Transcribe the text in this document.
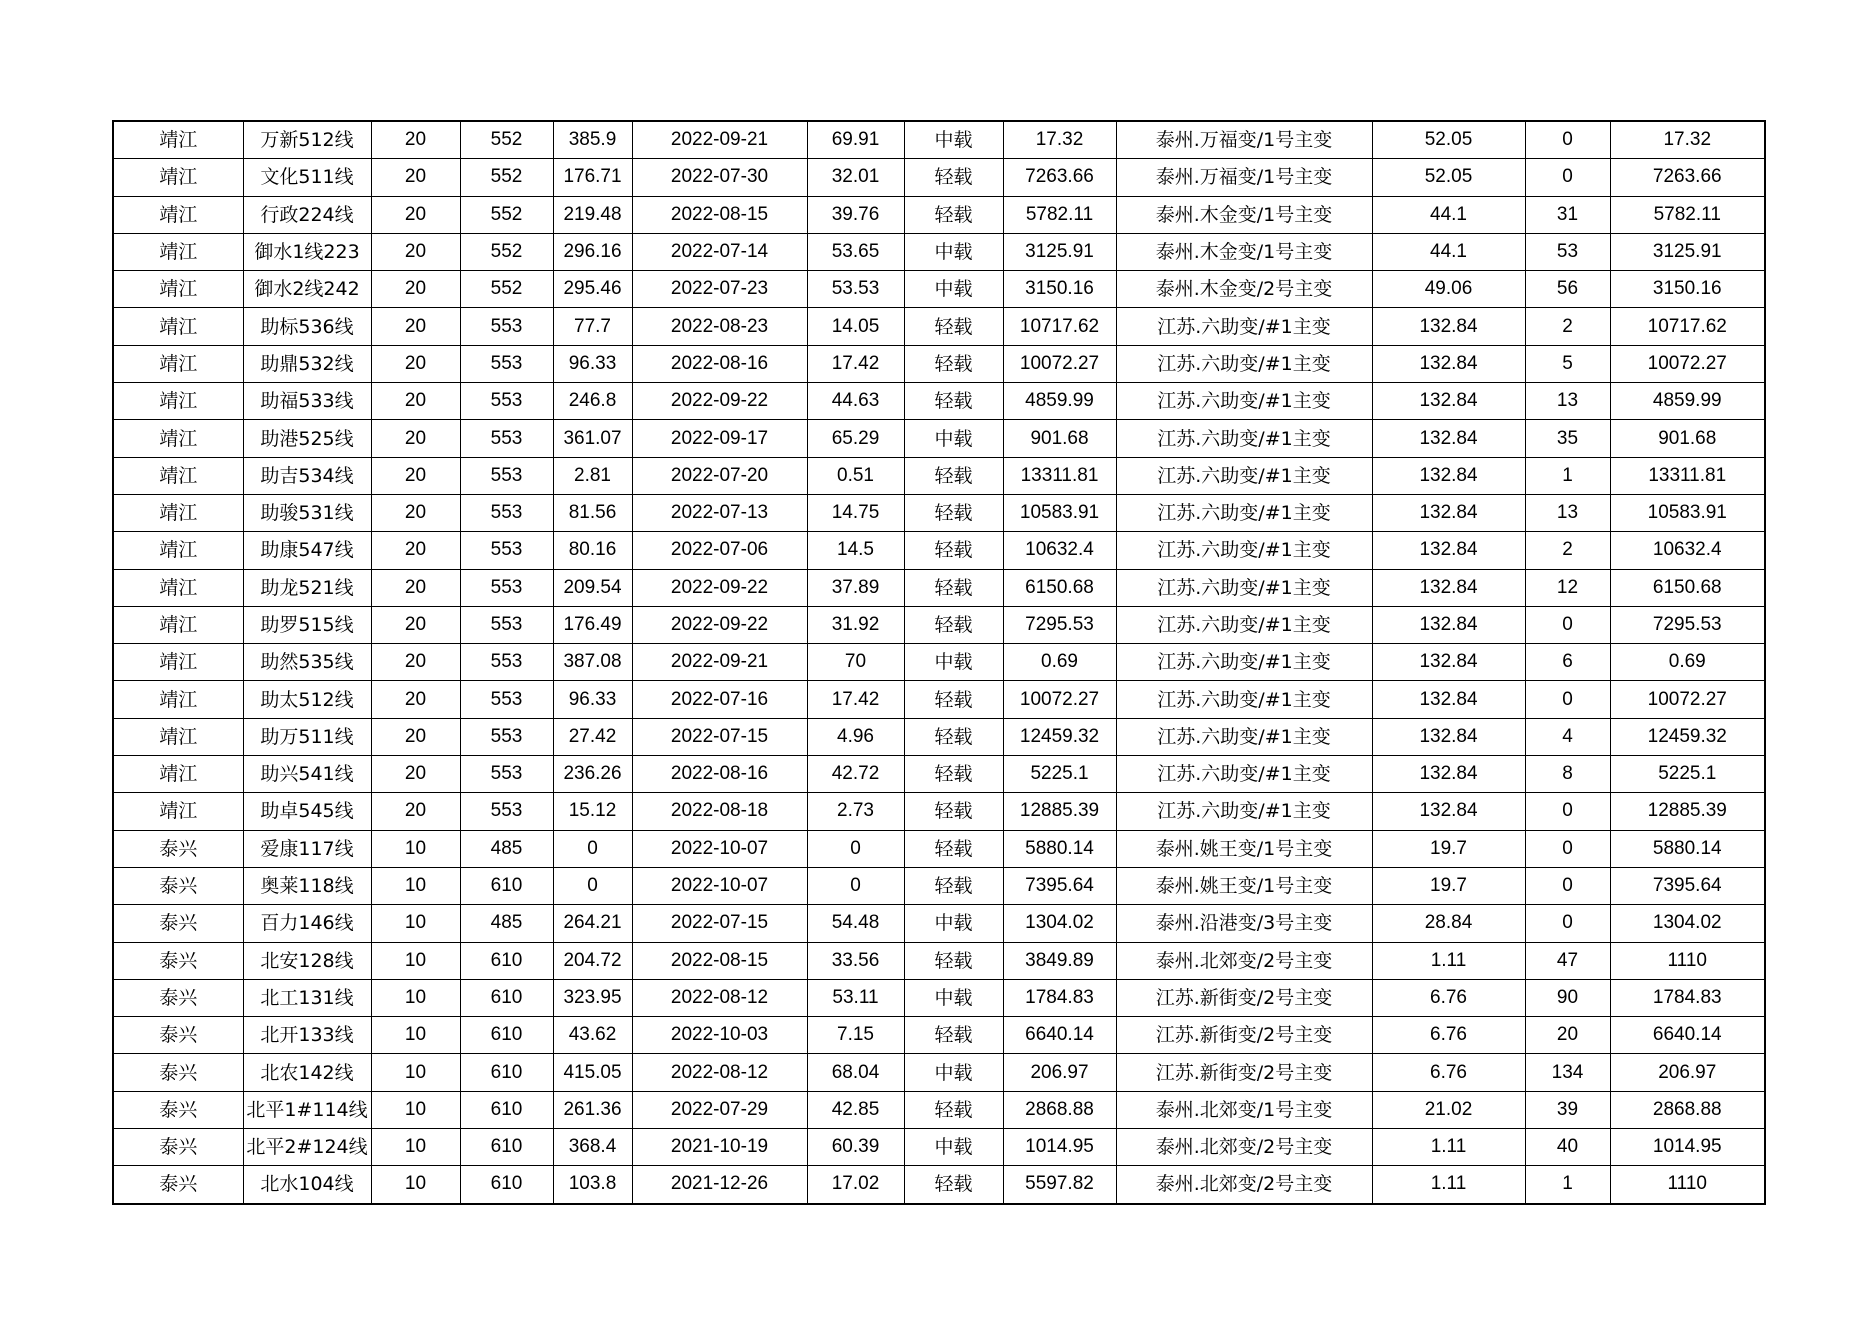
靖江	万新512线	20	552	385.9	2022-09-21	69.91	中载	17.32	泰州.万福变/1号主变	52.05	0	17.32
靖江	文化511线	20	552	176.71	2022-07-30	32.01	轻载	7263.66	泰州.万福变/1号主变	52.05	0	7263.66
靖江	行政224线	20	552	219.48	2022-08-15	39.76	轻载	5782.11	泰州.木金变/1号主变	44.1	31	5782.11
靖江	御水1线223	20	552	296.16	2022-07-14	53.65	中载	3125.91	泰州.木金变/1号主变	44.1	53	3125.91
靖江	御水2线242	20	552	295.46	2022-07-23	53.53	中载	3150.16	泰州.木金变/2号主变	49.06	56	3150.16
靖江	助标536线	20	553	77.7	2022-08-23	14.05	轻载	10717.62	江苏.六助变/#1主变	132.84	2	10717.62
靖江	助鼎532线	20	553	96.33	2022-08-16	17.42	轻载	10072.27	江苏.六助变/#1主变	132.84	5	10072.27
靖江	助福533线	20	553	246.8	2022-09-22	44.63	轻载	4859.99	江苏.六助变/#1主变	132.84	13	4859.99
靖江	助港525线	20	553	361.07	2022-09-17	65.29	中载	901.68	江苏.六助变/#1主变	132.84	35	901.68
靖江	助吉534线	20	553	2.81	2022-07-20	0.51	轻载	13311.81	江苏.六助变/#1主变	132.84	1	13311.81
靖江	助骏531线	20	553	81.56	2022-07-13	14.75	轻载	10583.91	江苏.六助变/#1主变	132.84	13	10583.91
靖江	助康547线	20	553	80.16	2022-07-06	14.5	轻载	10632.4	江苏.六助变/#1主变	132.84	2	10632.4
靖江	助龙521线	20	553	209.54	2022-09-22	37.89	轻载	6150.68	江苏.六助变/#1主变	132.84	12	6150.68
靖江	助罗515线	20	553	176.49	2022-09-22	31.92	轻载	7295.53	江苏.六助变/#1主变	132.84	0	7295.53
靖江	助然535线	20	553	387.08	2022-09-21	70	中载	0.69	江苏.六助变/#1主变	132.84	6	0.69
靖江	助太512线	20	553	96.33	2022-07-16	17.42	轻载	10072.27	江苏.六助变/#1主变	132.84	0	10072.27
靖江	助万511线	20	553	27.42	2022-07-15	4.96	轻载	12459.32	江苏.六助变/#1主变	132.84	4	12459.32
靖江	助兴541线	20	553	236.26	2022-08-16	42.72	轻载	5225.1	江苏.六助变/#1主变	132.84	8	5225.1
靖江	助卓545线	20	553	15.12	2022-08-18	2.73	轻载	12885.39	江苏.六助变/#1主变	132.84	0	12885.39
泰兴	爱康117线	10	485	0	2022-10-07	0	轻载	5880.14	泰州.姚王变/1号主变	19.7	0	5880.14
泰兴	奥莱118线	10	610	0	2022-10-07	0	轻载	7395.64	泰州.姚王变/1号主变	19.7	0	7395.64
泰兴	百力146线	10	485	264.21	2022-07-15	54.48	中载	1304.02	泰州.沿港变/3号主变	28.84	0	1304.02
泰兴	北安128线	10	610	204.72	2022-08-15	33.56	轻载	3849.89	泰州.北郊变/2号主变	1.11	47	1110
泰兴	北工131线	10	610	323.95	2022-08-12	53.11	中载	1784.83	江苏.新街变/2号主变	6.76	90	1784.83
泰兴	北开133线	10	610	43.62	2022-10-03	7.15	轻载	6640.14	江苏.新街变/2号主变	6.76	20	6640.14
泰兴	北农142线	10	610	415.05	2022-08-12	68.04	中载	206.97	江苏.新街变/2号主变	6.76	134	206.97
泰兴	北平1#114线	10	610	261.36	2022-07-29	42.85	轻载	2868.88	泰州.北郊变/1号主变	21.02	39	2868.88
泰兴	北平2#124线	10	610	368.4	2021-10-19	60.39	中载	1014.95	泰州.北郊变/2号主变	1.11	40	1014.95
泰兴	北水104线	10	610	103.8	2021-12-26	17.02	轻载	5597.82	泰州.北郊变/2号主变	1.11	1	1110
